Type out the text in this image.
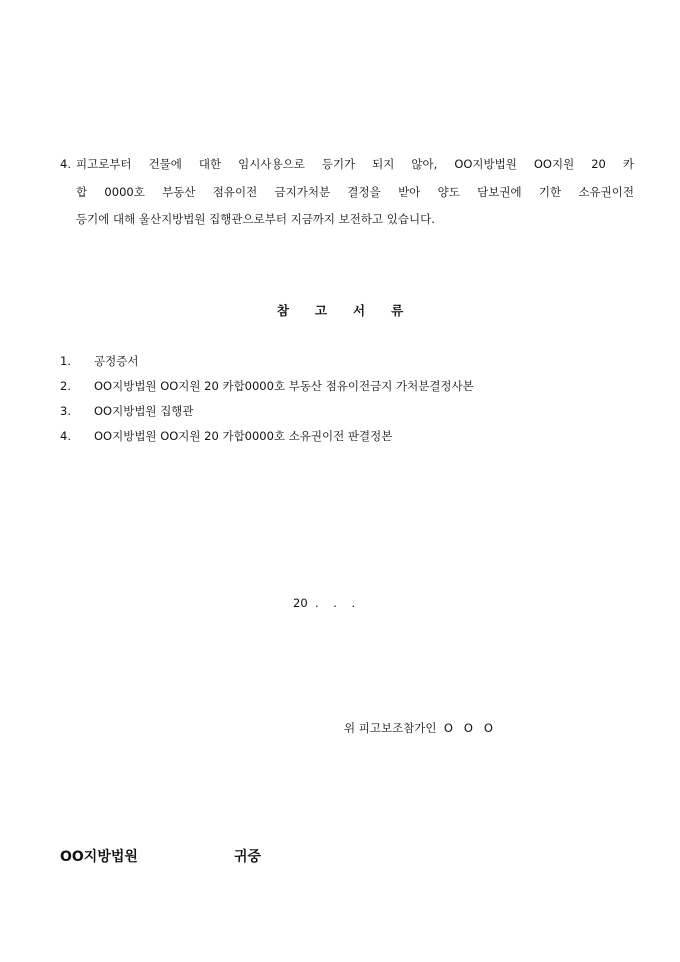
4. 피고로부터 건물에 대한 임시사용으로 등기가 되지 않아, OO지방법원 OO지원 20 카
합 0000호 부동산 점유이전 금지가처분 결정을 받아 양도 담보권에 기한 소유권이전
등기에 대해 울산지방법원 집행관으로부터 지금까지 보전하고 있습니다.
참고서류
1. 공정증서
2. OO지방법원 OO지원 20 카합0000호 부동산 점유이전금지 가처분결정사본
3. OO지방법원 집행관
4. OO지방법원 OO지원 20 가합0000호 소유권이전 판결정본
20  .    .    .
위 피고보조참가인  O   O   O
OO지방법원	귀중
